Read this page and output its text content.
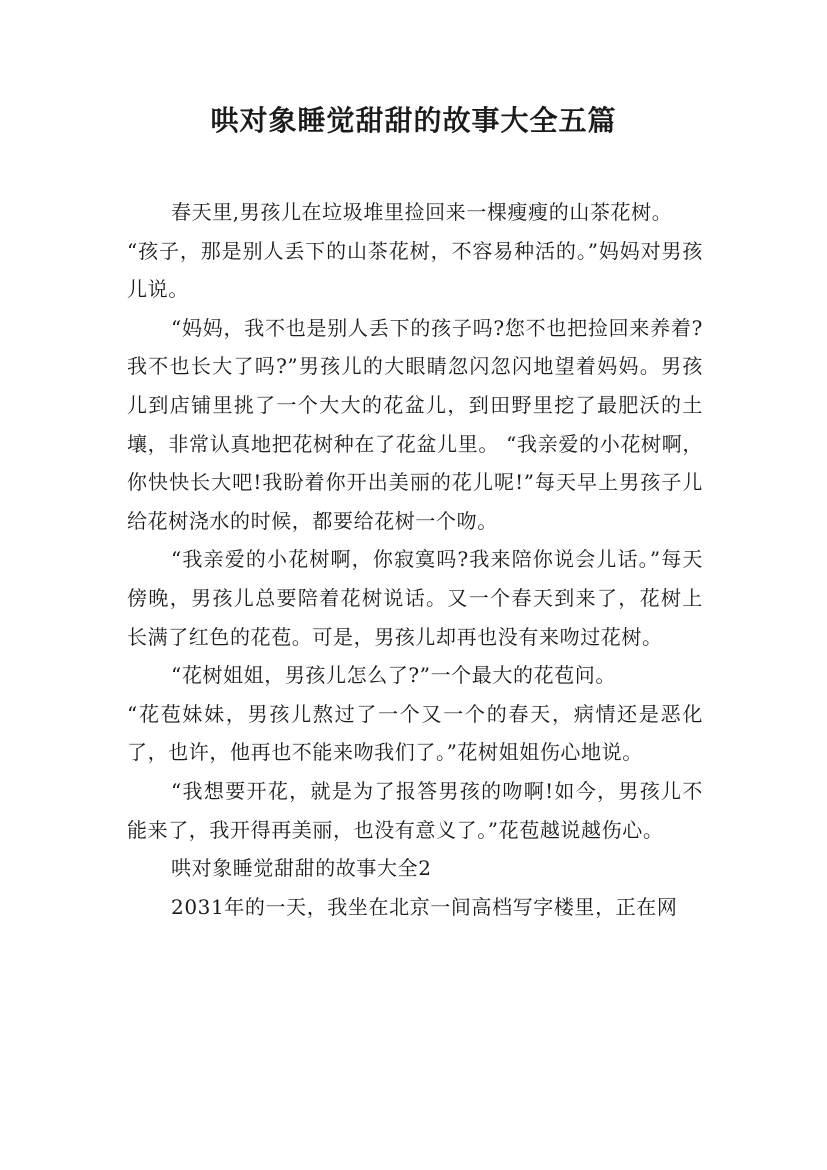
哄对象睡觉甜甜的故事大全五篇

春天里,男孩儿在垃圾堆里捡回来一棵瘦瘦的山茶花树。

“孩子，那是别人丢下的山茶花树，不容易种活的。”妈妈对男孩儿说。

“妈妈，我不也是别人丢下的孩子吗?您不也把捡回来养着?我不也长大了吗?”男孩儿的大眼睛忽闪忽闪地望着妈妈。男孩儿到店铺里挑了一个大大的花盆儿，到田野里挖了最肥沃的土壤，非常认真地把花树种在了花盆儿里。 “我亲爱的小花树啊，你快快长大吧!我盼着你开出美丽的花儿呢!”每天早上男孩子儿给花树浇水的时候，都要给花树一个吻。

“我亲爱的小花树啊，你寂寞吗?我来陪你说会儿话。”每天傍晚，男孩儿总要陪着花树说话。又一个春天到来了，花树上长满了红色的花苞。可是，男孩儿却再也没有来吻过花树。

“花树姐姐，男孩儿怎么了?”一个最大的花苞问。

“花苞妹妹，男孩儿熬过了一个又一个的春天，病情还是恶化了，也许，他再也不能来吻我们了。”花树姐姐伤心地说。

“我想要开花，就是为了报答男孩的吻啊!如今，男孩儿不能来了，我开得再美丽，也没有意义了。”花苞越说越伤心。

哄对象睡觉甜甜的故事大全2

2031年的一天，我坐在北京一间高档写字楼里，正在网
